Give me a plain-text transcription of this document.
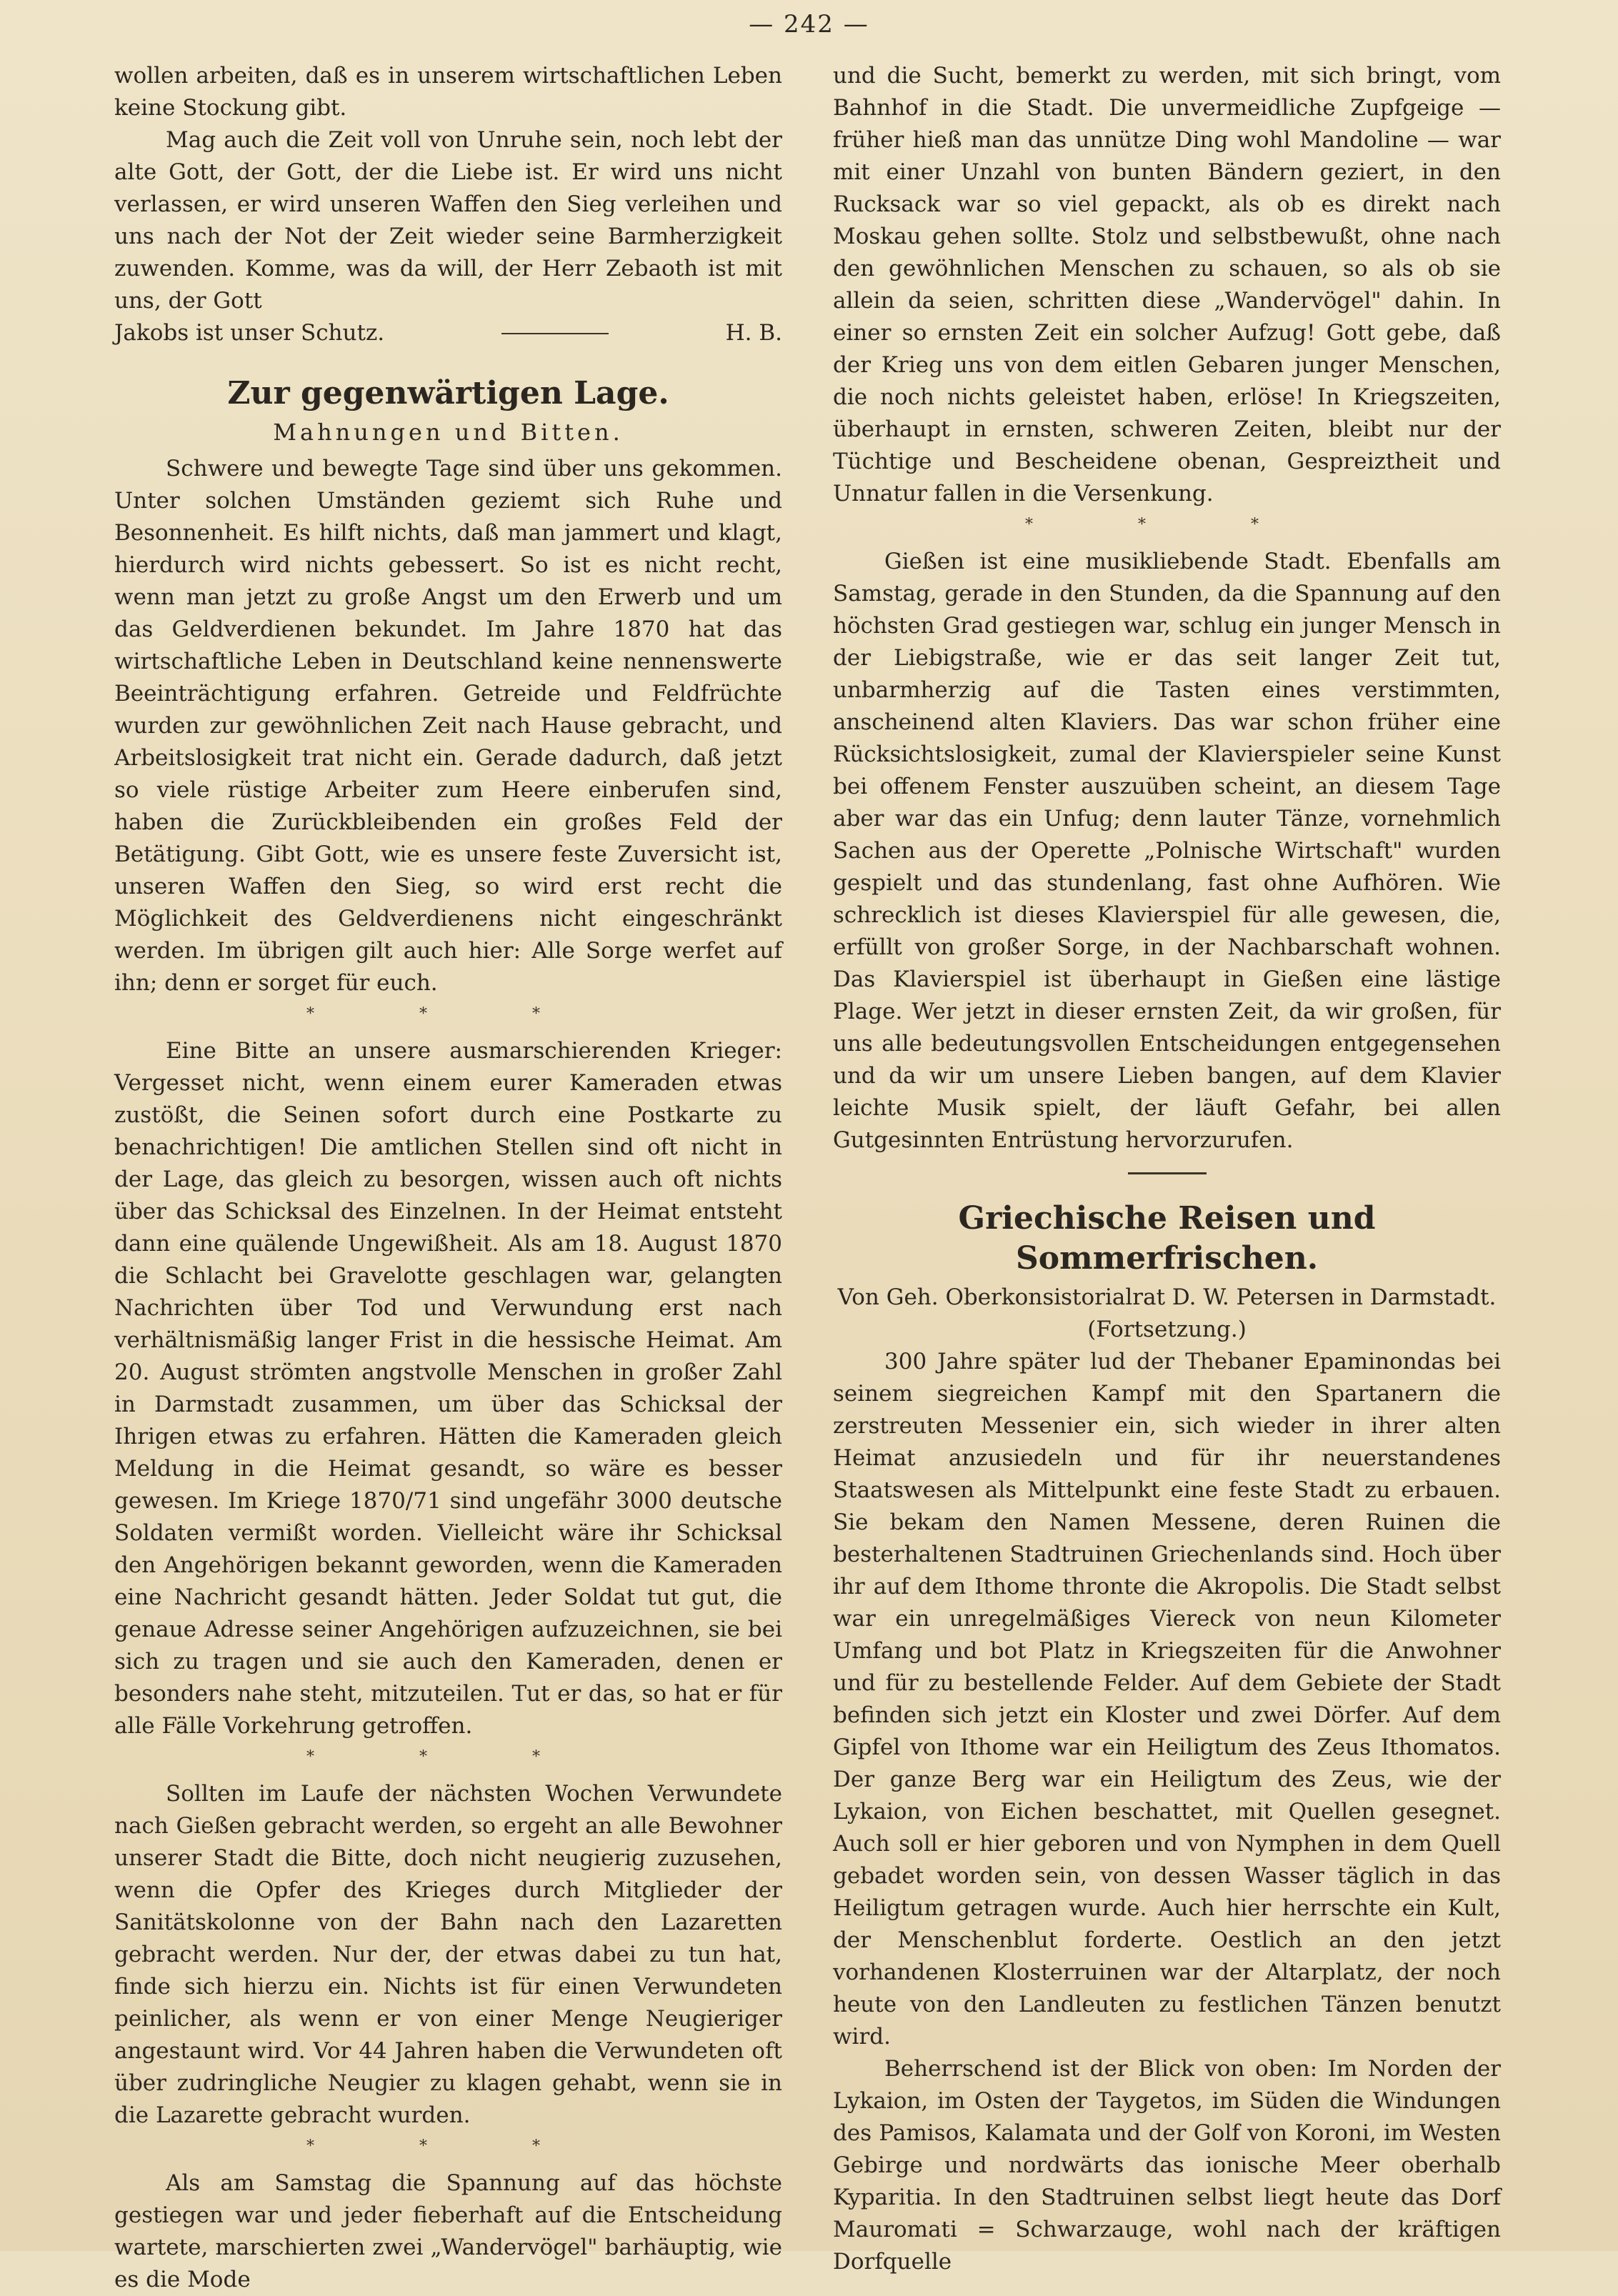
— 242 —

wollen arbeiten, daß es in unserem wirtschaftlichen Leben keine Stockung gibt.

Mag auch die Zeit voll von Unruhe sein, noch lebt der alte Gott, der Gott, der die Liebe ist. Er wird uns nicht verlassen, er wird unseren Waffen den Sieg verleihen und uns nach der Not der Zeit wieder seine Barmherzigkeit zuwenden. Komme, was da will, der Herr Zebaoth ist mit uns, der Gott

Jakobs ist unser Schutz.	H. B.
Zur gegenwärtigen Lage.
Mahnungen und Bitten.

Schwere und bewegte Tage sind über uns gekommen. Unter solchen Umständen geziemt sich Ruhe und Besonnenheit. Es hilft nichts, daß man jammert und klagt, hierdurch wird nichts gebessert. So ist es nicht recht, wenn man jetzt zu große Angst um den Erwerb und um das Geldverdienen bekundet. Im Jahre 1870 hat das wirtschaftliche Leben in Deutschland keine nennenswerte Beeinträchtigung erfahren. Getreide und Feldfrüchte wurden zur gewöhnlichen Zeit nach Hause gebracht, und Arbeitslosigkeit trat nicht ein. Gerade dadurch, daß jetzt so viele rüstige Arbeiter zum Heere einberufen sind, haben die Zurückbleibenden ein großes Feld der Betätigung. Gibt Gott, wie es unsere feste Zuversicht ist, unseren Waffen den Sieg, so wird erst recht die Möglichkeit des Geldverdienens nicht eingeschränkt werden. Im übrigen gilt auch hier: Alle Sorge werfet auf ihn; denn er sorget für euch.

* * *

Eine Bitte an unsere ausmarschierenden Krieger: Vergesset nicht, wenn einem eurer Kameraden etwas zustößt, die Seinen sofort durch eine Postkarte zu benachrichtigen! Die amtlichen Stellen sind oft nicht in der Lage, das gleich zu besorgen, wissen auch oft nichts über das Schicksal des Einzelnen. In der Heimat entsteht dann eine quälende Ungewißheit. Als am 18. August 1870 die Schlacht bei Gravelotte geschlagen war, gelangten Nachrichten über Tod und Verwundung erst nach verhältnismäßig langer Frist in die hessische Heimat. Am 20. August strömten angstvolle Menschen in großer Zahl in Darmstadt zusammen, um über das Schicksal der Ihrigen etwas zu erfahren. Hätten die Kameraden gleich Meldung in die Heimat gesandt, so wäre es besser gewesen. Im Kriege 1870/71 sind ungefähr 3000 deutsche Soldaten vermißt worden. Vielleicht wäre ihr Schicksal den Angehörigen bekannt geworden, wenn die Kameraden eine Nachricht gesandt hätten. Jeder Soldat tut gut, die genaue Adresse seiner Angehörigen aufzuzeichnen, sie bei sich zu tragen und sie auch den Kameraden, denen er besonders nahe steht, mitzuteilen. Tut er das, so hat er für alle Fälle Vorkehrung getroffen.

* * *

Sollten im Laufe der nächsten Wochen Verwundete nach Gießen gebracht werden, so ergeht an alle Bewohner unserer Stadt die Bitte, doch nicht neugierig zuzusehen, wenn die Opfer des Krieges durch Mitglieder der Sanitätskolonne von der Bahn nach den Lazaretten gebracht werden. Nur der, der etwas dabei zu tun hat, finde sich hierzu ein. Nichts ist für einen Verwundeten peinlicher, als wenn er von einer Menge Neugieriger angestaunt wird. Vor 44 Jahren haben die Verwundeten oft über zudringliche Neugier zu klagen gehabt, wenn sie in die Lazarette gebracht wurden.

* * *

Als am Samstag die Spannung auf das höchste gestiegen war und jeder fieberhaft auf die Entscheidung wartete, marschierten zwei „Wandervögel" barhäuptig, wie es die Mode

und die Sucht, bemerkt zu werden, mit sich bringt, vom Bahnhof in die Stadt. Die unvermeidliche Zupfgeige — früher hieß man das unnütze Ding wohl Mandoline — war mit einer Unzahl von bunten Bändern geziert, in den Rucksack war so viel gepackt, als ob es direkt nach Moskau gehen sollte. Stolz und selbstbewußt, ohne nach den gewöhnlichen Menschen zu schauen, so als ob sie allein da seien, schritten diese „Wandervögel" dahin. In einer so ernsten Zeit ein solcher Aufzug! Gott gebe, daß der Krieg uns von dem eitlen Gebaren junger Menschen, die noch nichts geleistet haben, erlöse! In Kriegszeiten, überhaupt in ernsten, schweren Zeiten, bleibt nur der Tüchtige und Bescheidene obenan, Gespreiztheit und Unnatur fallen in die Versenkung.

* * *

Gießen ist eine musikliebende Stadt. Ebenfalls am Samstag, gerade in den Stunden, da die Spannung auf den höchsten Grad gestiegen war, schlug ein junger Mensch in der Liebigstraße, wie er das seit langer Zeit tut, unbarmherzig auf die Tasten eines verstimmten, anscheinend alten Klaviers. Das war schon früher eine Rücksichtslosigkeit, zumal der Klavierspieler seine Kunst bei offenem Fenster auszuüben scheint, an diesem Tage aber war das ein Unfug; denn lauter Tänze, vornehmlich Sachen aus der Operette „Polnische Wirtschaft" wurden gespielt und das stundenlang, fast ohne Aufhören. Wie schrecklich ist dieses Klavierspiel für alle gewesen, die, erfüllt von großer Sorge, in der Nachbarschaft wohnen. Das Klavierspiel ist überhaupt in Gießen eine lästige Plage. Wer jetzt in dieser ernsten Zeit, da wir großen, für uns alle bedeutungsvollen Entscheidungen entgegensehen und da wir um unsere Lieben bangen, auf dem Klavier leichte Musik spielt, der läuft Gefahr, bei allen Gutgesinnten Entrüstung hervorzurufen.

Griechische Reisen und Sommerfrischen.
Von Geh. Oberkonsistorialrat D. W. Petersen in Darmstadt.
(Fortsetzung.)

300 Jahre später lud der Thebaner Epaminondas bei seinem siegreichen Kampf mit den Spartanern die zerstreuten Messenier ein, sich wieder in ihrer alten Heimat anzusiedeln und für ihr neuerstandenes Staatswesen als Mittelpunkt eine feste Stadt zu erbauen. Sie bekam den Namen Messene, deren Ruinen die besterhaltenen Stadtruinen Griechenlands sind. Hoch über ihr auf dem Ithome thronte die Akropolis. Die Stadt selbst war ein unregelmäßiges Viereck von neun Kilometer Umfang und bot Platz in Kriegszeiten für die Anwohner und für zu bestellende Felder. Auf dem Gebiete der Stadt befinden sich jetzt ein Kloster und zwei Dörfer. Auf dem Gipfel von Ithome war ein Heiligtum des Zeus Ithomatos. Der ganze Berg war ein Heiligtum des Zeus, wie der Lykaion, von Eichen beschattet, mit Quellen gesegnet. Auch soll er hier geboren und von Nymphen in dem Quell gebadet worden sein, von dessen Wasser täglich in das Heiligtum getragen wurde. Auch hier herrschte ein Kult, der Menschenblut forderte. Oestlich an den jetzt vorhandenen Klosterruinen war der Altarplatz, der noch heute von den Landleuten zu festlichen Tänzen benutzt wird.

Beherrschend ist der Blick von oben: Im Norden der Lykaion, im Osten der Taygetos, im Süden die Windungen des Pamisos, Kalamata und der Golf von Koroni, im Westen Gebirge und nordwärts das ionische Meer oberhalb Kyparitia. In den Stadtruinen selbst liegt heute das Dorf Mauromati = Schwarzauge, wohl nach der kräftigen Dorfquelle
